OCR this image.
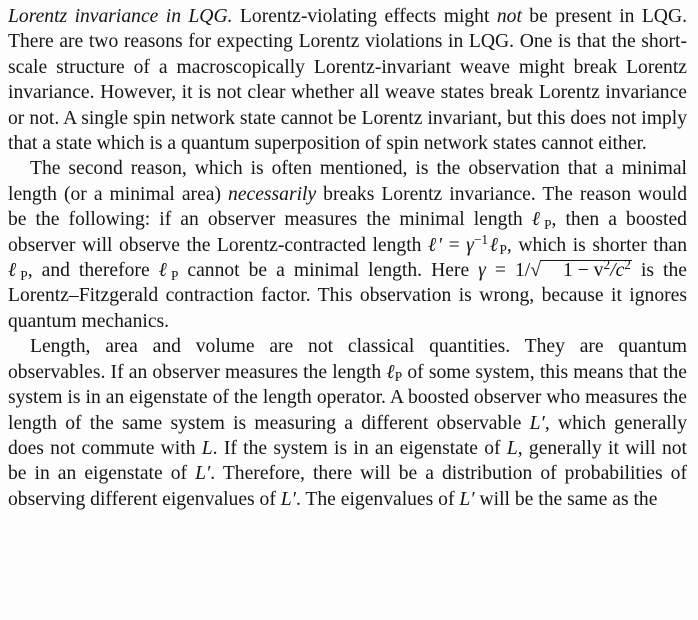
Lorentz invariance in LQG. Lorentz-violating effects might not be present in LQG. There are two reasons for expecting Lorentz violations in LQG. One is that the short-scale structure of a macroscopically Lorentz-invariant weave might break Lorentz invariance. However, it is not clear whether all weave states break Lorentz invariance or not. A single spin network state cannot be Lorentz invariant, but this does not imply that a state which is a quantum superposition of spin network states cannot either.

The second reason, which is often mentioned, is the observation that a minimal length (or a minimal area) necessarily breaks Lorentz invariance. The reason would be the following: if an observer measures the minimal length ℓ$_P$, then a boosted observer will observe the Lorentz-contracted length ℓ′ = $\gamma^{-1}\ell_P$, which is shorter than ℓ$_P$, and therefore ℓ$_P$ cannot be a minimal length. Here γ = 1/√ $1 - v^2/c^2$ is the Lorentz–Fitzgerald contraction factor. This observation is wrong, because it ignores quantum mechanics.

Length, area and volume are not classical quantities. They are quantum observables. If an observer measures the length ℓ$_P$ of some system, this means that the system is in an eigenstate of the length operator. A boosted observer who measures the length of the same system is measuring a different observable L′, which generally does not commute with L. If the system is in an eigenstate of L, generally it will not be in an eigenstate of L′. Therefore, there will be a distribution of probabilities of observing different eigenvalues of L′. The eigenvalues of L′ will be the same as the
